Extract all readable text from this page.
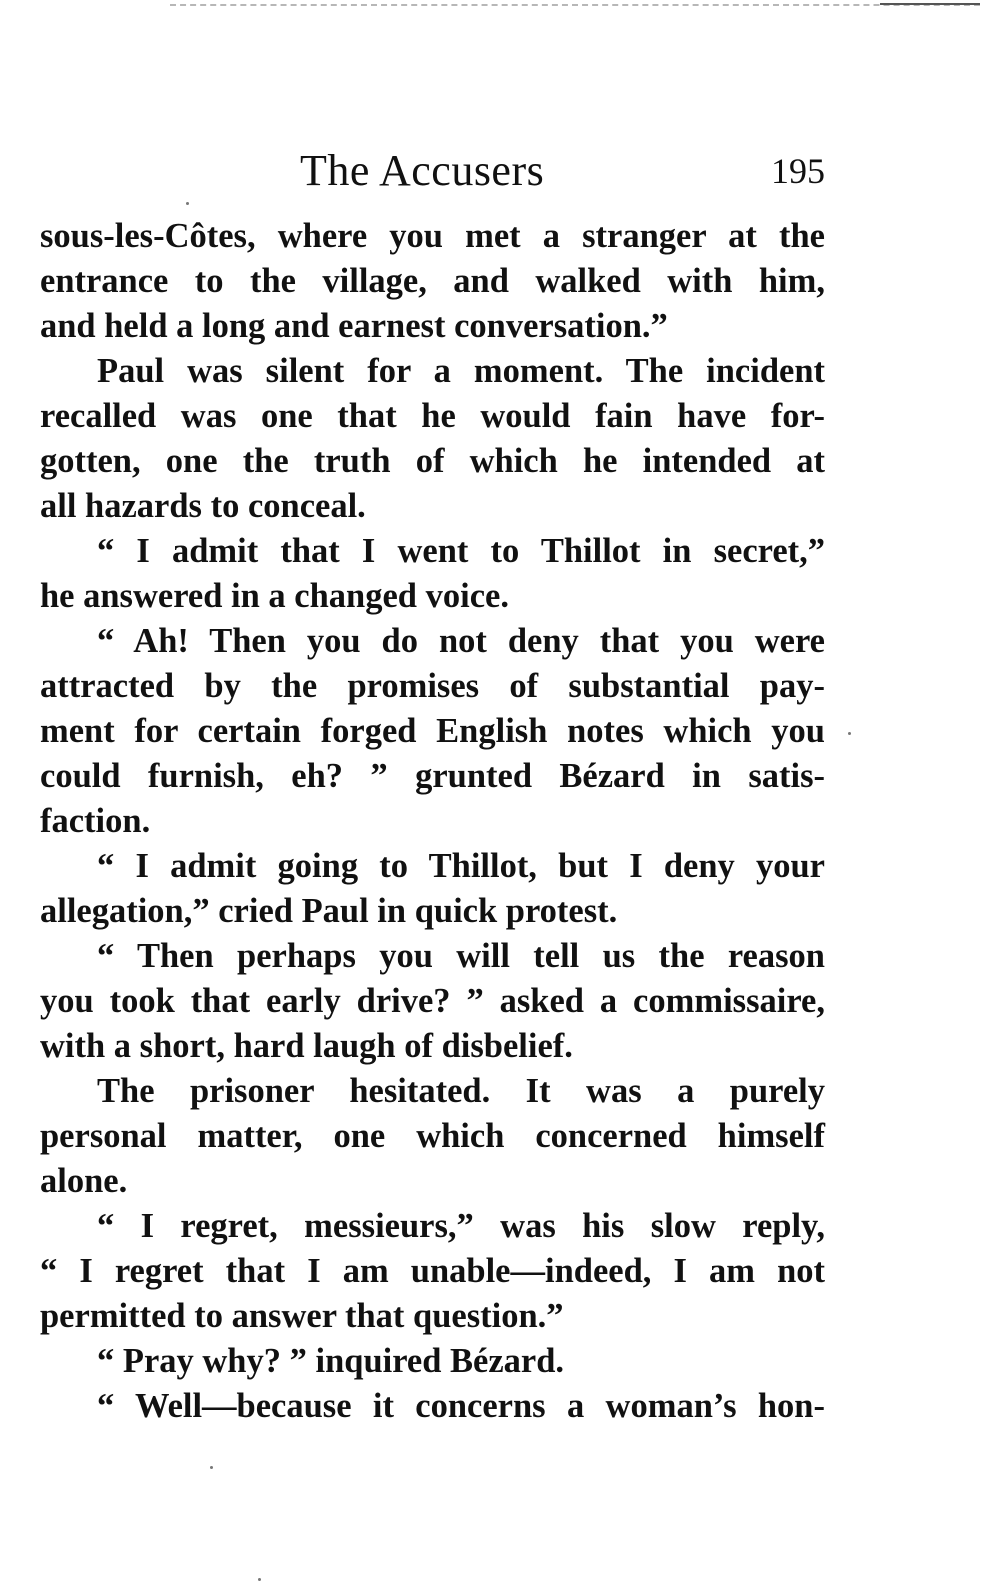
The Accusers	195
sous-les-Côtes, where you met a stranger at the
entrance to the village, and walked with him,
and held a long and earnest conversation.”
Paul was silent for a moment. The incident
recalled was one that he would fain have for-
gotten, one the truth of which he intended at
all hazards to conceal.
“ I admit that I went to Thillot in secret,”
he answered in a changed voice.
“ Ah! Then you do not deny that you were
attracted by the promises of substantial pay-
ment for certain forged English notes which you
could furnish, eh? ” grunted Bézard in satis-
faction.
“ I admit going to Thillot, but I deny your
allegation,” cried Paul in quick protest.
“ Then perhaps you will tell us the reason
you took that early drive? ” asked a commissaire,
with a short, hard laugh of disbelief.
The prisoner hesitated. It was a purely
personal matter, one which concerned himself
alone.
“ I regret, messieurs,” was his slow reply,
“ I regret that I am unable—indeed, I am not
permitted to answer that question.”
“ Pray why? ” inquired Bézard.
“ Well—because it concerns a woman’s hon-
